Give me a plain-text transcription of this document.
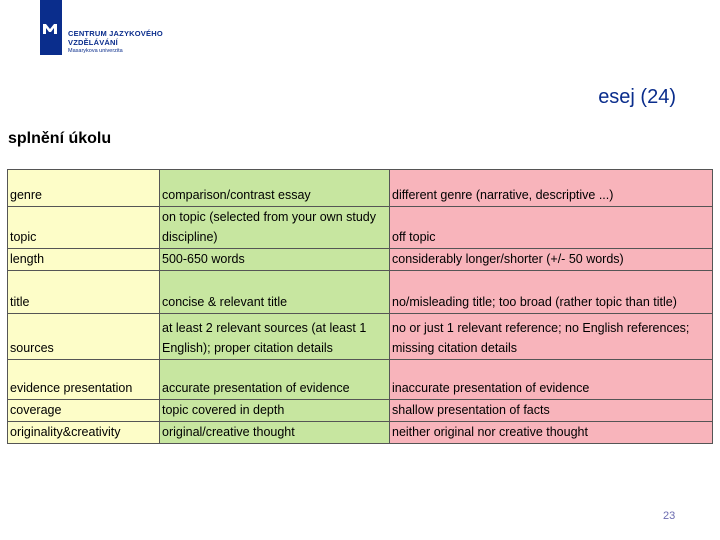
CENTRUM JAZYKOVÉHO
VZDĚLÁVÁNÍ
Masarykova univerzita
esej (24)
splnění úkolu
genre	comparison/contrast essay	different genre (narrative, descriptive ...)
topic	on topic (selected from your own study discipline)	off topic
length	500-650 words	considerably longer/shorter (+/- 50 words)
title	concise & relevant title	no/misleading title; too broad (rather topic than title)
sources	at least 2 relevant sources (at least 1 English); proper citation details	no or just 1 relevant reference; no English references; missing citation details
evidence presentation	accurate presentation of evidence	inaccurate presentation of evidence
coverage	topic covered in depth	shallow presentation of facts
originality&creativity	original/creative thought	neither original nor creative thought
23
